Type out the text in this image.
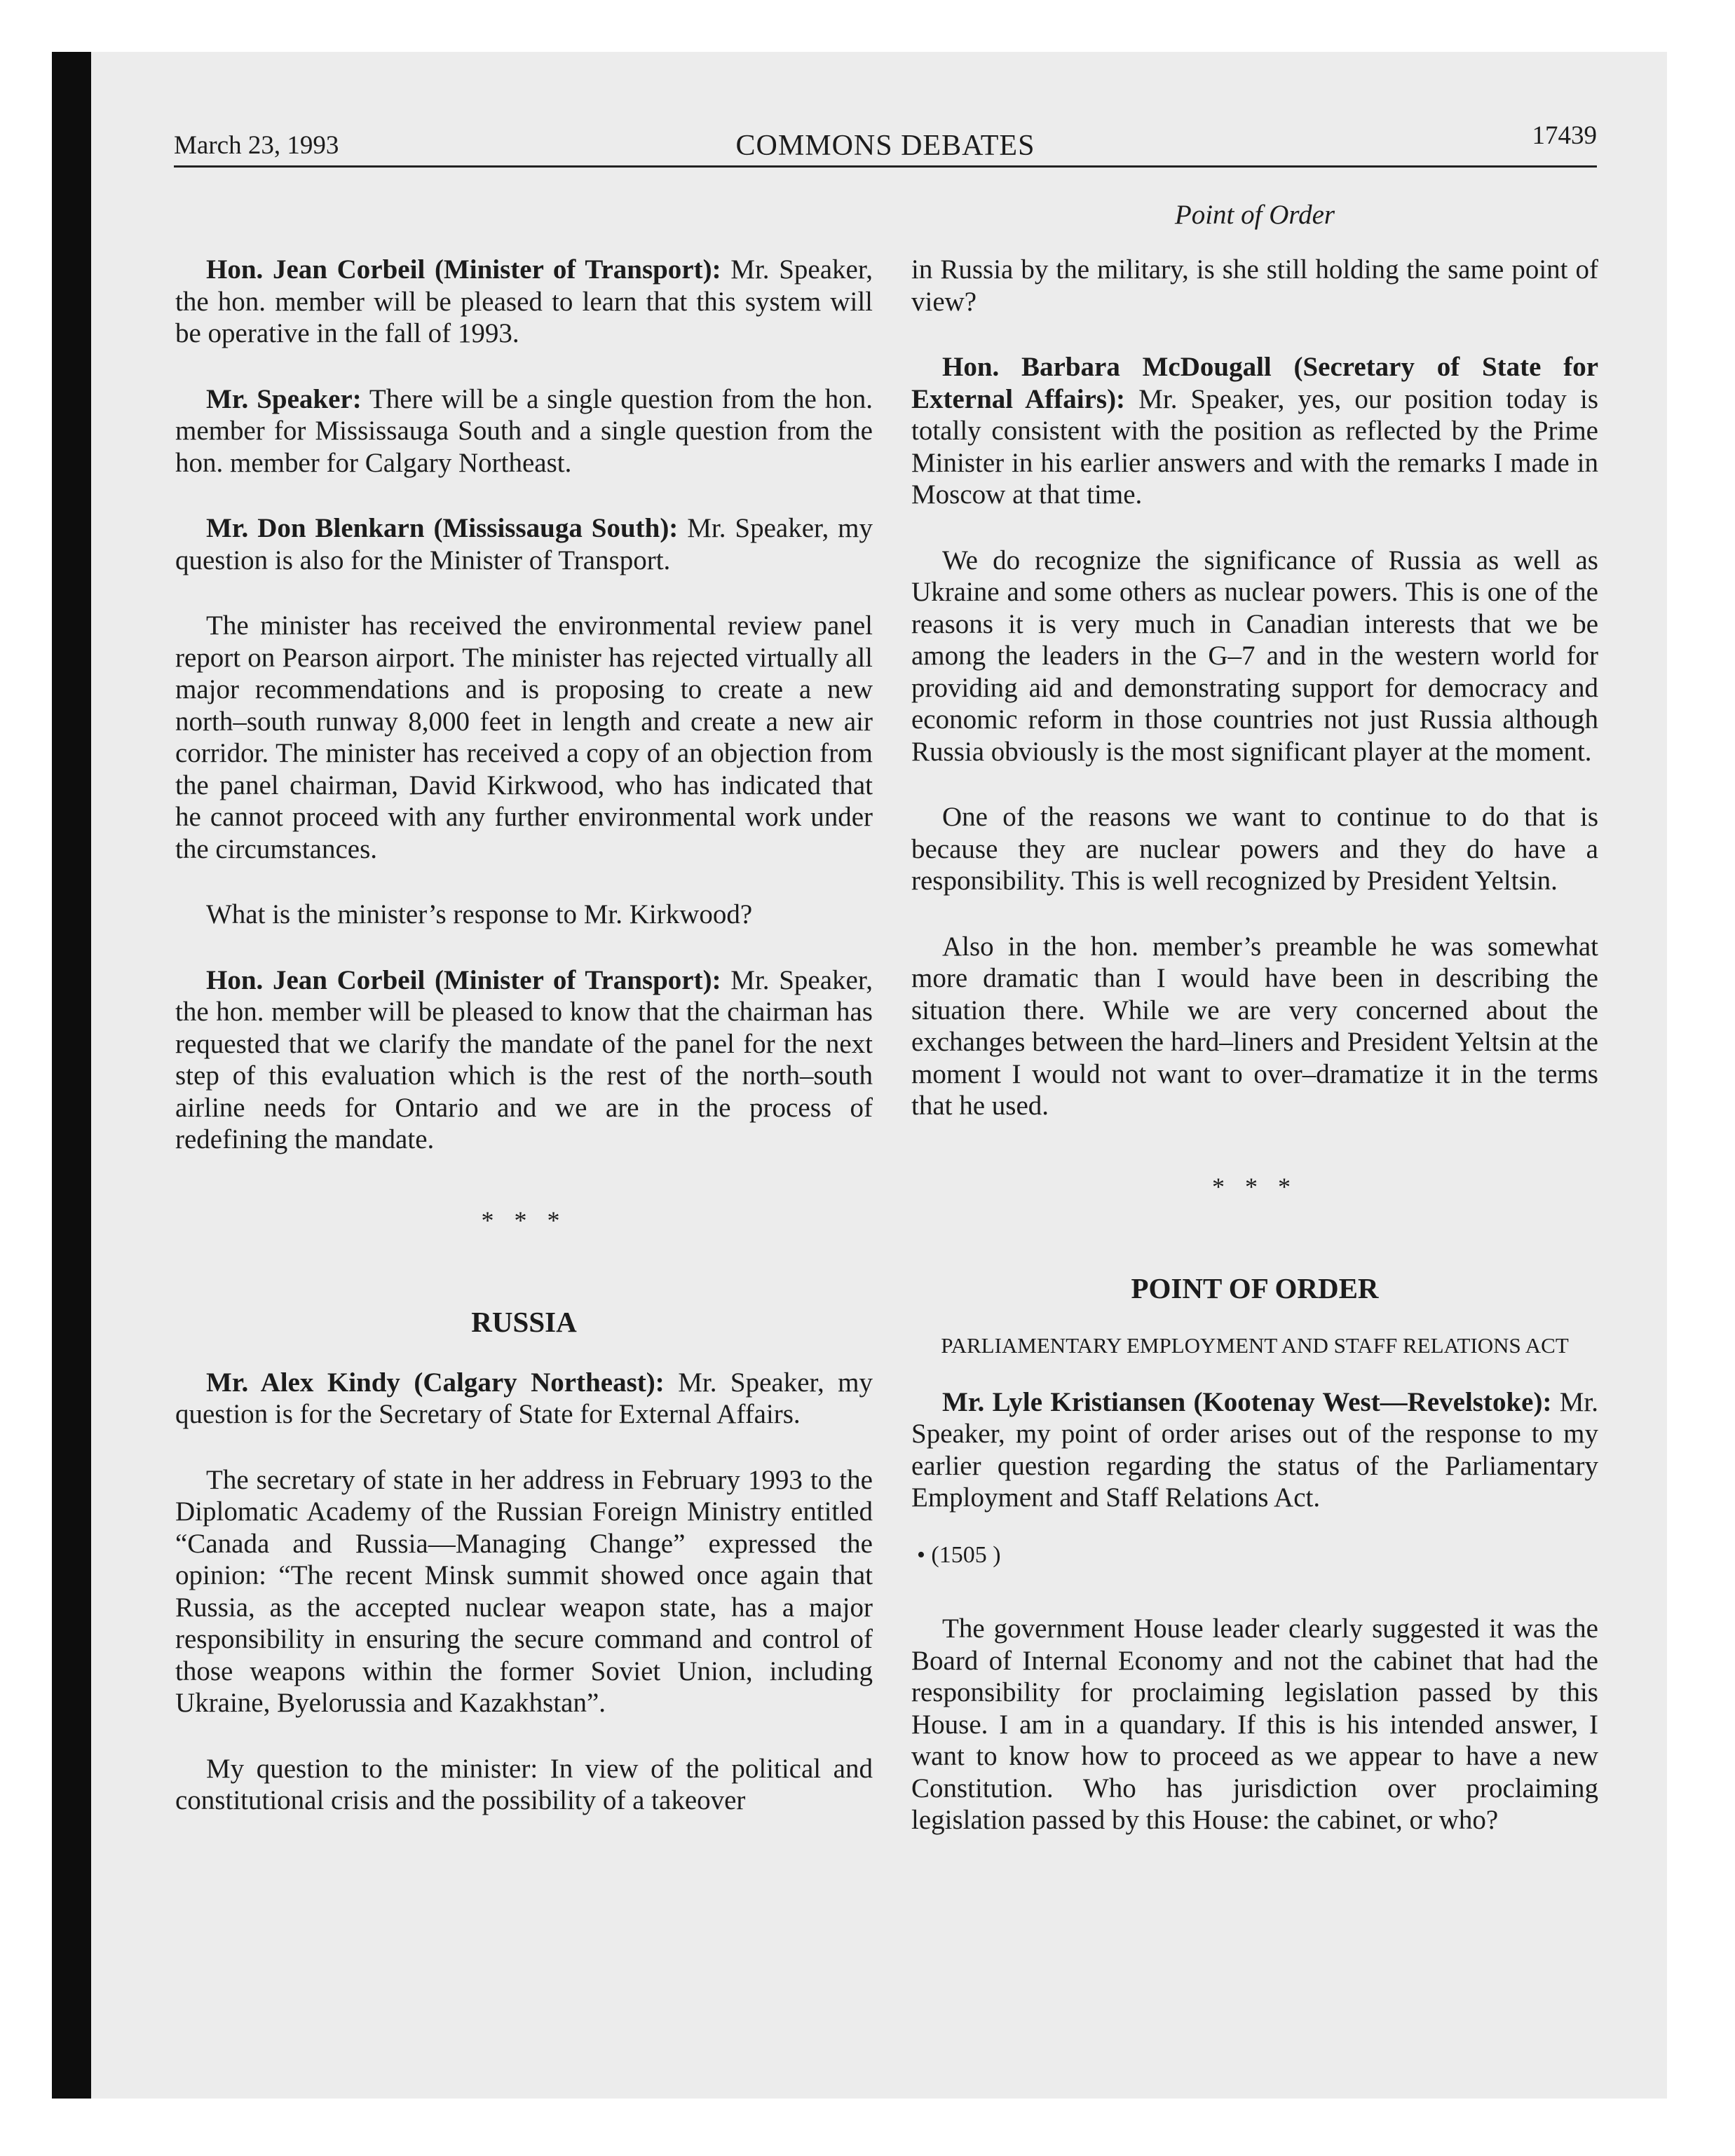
March 23, 1993	COMMONS DEBATES	17439
Point of Order

Hon. Jean Corbeil (Minister of Transport): Mr. Speaker, the hon. member will be pleased to learn that this system will be operative in the fall of 1993.

Mr. Speaker: There will be a single question from the hon. member for Mississauga South and a single question from the hon. member for Calgary Northeast.

Mr. Don Blenkarn (Mississauga South): Mr. Speaker, my question is also for the Minister of Transport.

The minister has received the environmental review panel report on Pearson airport. The minister has rejected virtually all major recommendations and is proposing to create a new north–south runway 8,000 feet in length and create a new air corridor. The minister has received a copy of an objection from the panel chairman, David Kirkwood, who has indicated that he cannot proceed with any further environmental work under the circumstances.

What is the minister’s response to Mr. Kirkwood?

Hon. Jean Corbeil (Minister of Transport): Mr. Speaker, the hon. member will be pleased to know that the chairman has requested that we clarify the mandate of the panel for the next step of this evaluation which is the rest of the north–south airline needs for Ontario and we are in the process of redefining the mandate.

* * *
RUSSIA

Mr. Alex Kindy (Calgary Northeast): Mr. Speaker, my question is for the Secretary of State for External Affairs.

The secretary of state in her address in February 1993 to the Diplomatic Academy of the Russian Foreign Ministry entitled “Canada and Russia—Managing Change” expressed the opinion: “The recent Minsk summit showed once again that Russia, as the accepted nuclear weapon state, has a major responsibility in ensuring the secure command and control of those weapons within the former Soviet Union, including Ukraine, Byelorussia and Kazakhstan”.

My question to the minister: In view of the political and constitutional crisis and the possibility of a takeover

in Russia by the military, is she still holding the same point of view?

Hon. Barbara McDougall (Secretary of State for External Affairs): Mr. Speaker, yes, our position today is totally consistent with the position as reflected by the Prime Minister in his earlier answers and with the remarks I made in Moscow at that time.

We do recognize the significance of Russia as well as Ukraine and some others as nuclear powers. This is one of the reasons it is very much in Canadian interests that we be among the leaders in the G–7 and in the western world for providing aid and demonstrating support for democracy and economic reform in those countries not just Russia although Russia obviously is the most significant player at the moment.

One of the reasons we want to continue to do that is because they are nuclear powers and they do have a responsibility. This is well recognized by President Yeltsin.

Also in the hon. member’s preamble he was somewhat more dramatic than I would have been in describing the situation there. While we are very concerned about the exchanges between the hard–liners and President Yeltsin at the moment I would not want to over–dramatize it in the terms that he used.

* * *
POINT OF ORDER
PARLIAMENTARY EMPLOYMENT AND STAFF RELATIONS ACT

Mr. Lyle Kristiansen (Kootenay West—Revelstoke): Mr. Speaker, my point of order arises out of the response to my earlier question regarding the status of the Parliamentary Employment and Staff Relations Act.

• (1505 )

The government House leader clearly suggested it was the Board of Internal Economy and not the cabinet that had the responsibility for proclaiming legislation passed by this House. I am in a quandary. If this is his intended answer, I want to know how to proceed as we appear to have a new Constitution. Who has jurisdiction over proclaiming legislation passed by this House: the cabinet, or who?
